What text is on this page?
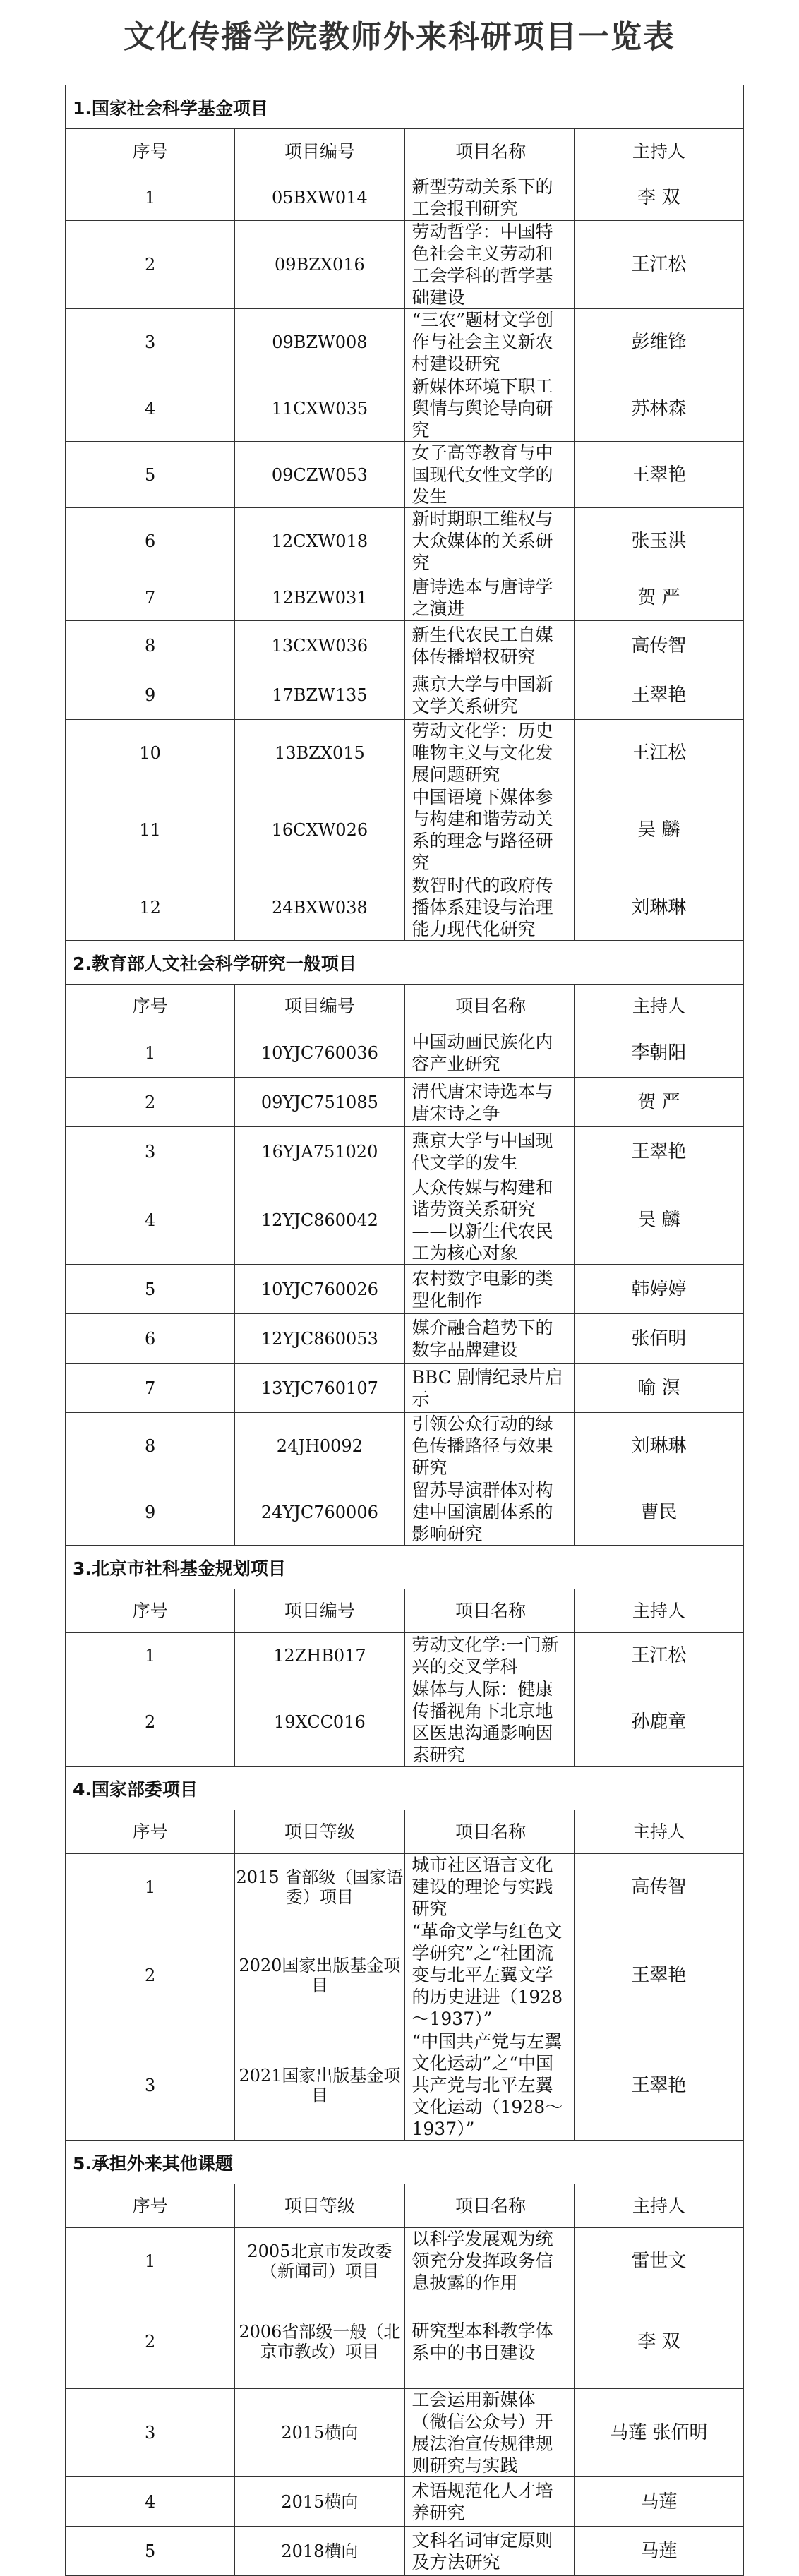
文化传播学院教师外来科研项目一览表
1.国家社会科学基金项目			
序号	项目编号	项目名称	主持人
1	05BXW014	新型劳动关系下的工会报刊研究	李 双
2	09BZX016	劳动哲学：中国特色社会主义劳动和工会学科的哲学基础建设	王江松
3	09BZW008	“三农”题材文学创作与社会主义新农村建设研究	彭维锋
4	11CXW035	新媒体环境下职工舆情与舆论导向研究	苏林森
5	09CZW053	女子高等教育与中国现代女性文学的发生	王翠艳
6	12CXW018	新时期职工维权与大众媒体的关系研究	张玉洪
7	12BZW031	唐诗选本与唐诗学之演进	贺 严
8	13CXW036	新生代农民工自媒体传播增权研究	高传智
9	17BZW135	燕京大学与中国新文学关系研究	王翠艳
10	13BZX015	劳动文化学：历史唯物主义与文化发展问题研究	王江松
11	16CXW026	中国语境下媒体参与构建和谐劳动关系的理念与路径研究	吴 麟
12	24BXW038	数智时代的政府传播体系建设与治理能力现代化研究	刘琳琳
2.教育部人文社会科学研究一般项目			
序号	项目编号	项目名称	主持人
1	10YJC760036	中国动画民族化内容产业研究	李朝阳
2	09YJC751085	清代唐宋诗选本与唐宋诗之争	贺 严
3	16YJA751020	燕京大学与中国现代文学的发生	王翠艳
4	12YJC860042	大众传媒与构建和谐劳资关系研究——以新生代农民工为核心对象	吴 麟
5	10YJC760026	农村数字电影的类型化制作	韩婷婷
6	12YJC860053	媒介融合趋势下的数字品牌建设	张佰明
7	13YJC760107	BBC 剧情纪录片启示	喻 溟
8	24JH0092	引领公众行动的绿色传播路径与效果研究	刘琳琳
9	24YJC760006	留苏导演群体对构建中国演剧体系的影响研究	曹民
3.北京市社科基金规划项目			
序号	项目编号	项目名称	主持人
1	12ZHB017	劳动文化学:一门新兴的交叉学科	王江松
2	19XCC016	媒体与人际：健康传播视角下北京地区医患沟通影响因素研究	孙鹿童
4.国家部委项目			
序号	项目等级	项目名称	主持人
1	2015 省部级（国家语委）项目	城市社区语言文化建设的理论与实践研究	高传智
2	2020国家出版基金项目	“革命文学与红色文学研究”之“社团流变与北平左翼文学的历史进进（1928～1937）”	王翠艳
3	2021国家出版基金项目	“中国共产党与左翼文化运动”之“中国共产党与北平左翼文化运动（1928～1937）”	王翠艳
5.承担外来其他课题			
序号	项目等级	项目名称	主持人
1	2005北京市发改委（新闻司）项目	以科学发展观为统领充分发挥政务信息披露的作用	雷世文
2	2006省部级一般（北京市教改）项目	研究型本科教学体系中的书目建设	李 双
3	2015横向	工会运用新媒体（微信公众号）开展法治宣传规律规则研究与实践	马莲 张佰明
4	2015横向	术语规范化人才培养研究	马莲
5	2018横向	文科名词审定原则及方法研究	马莲
